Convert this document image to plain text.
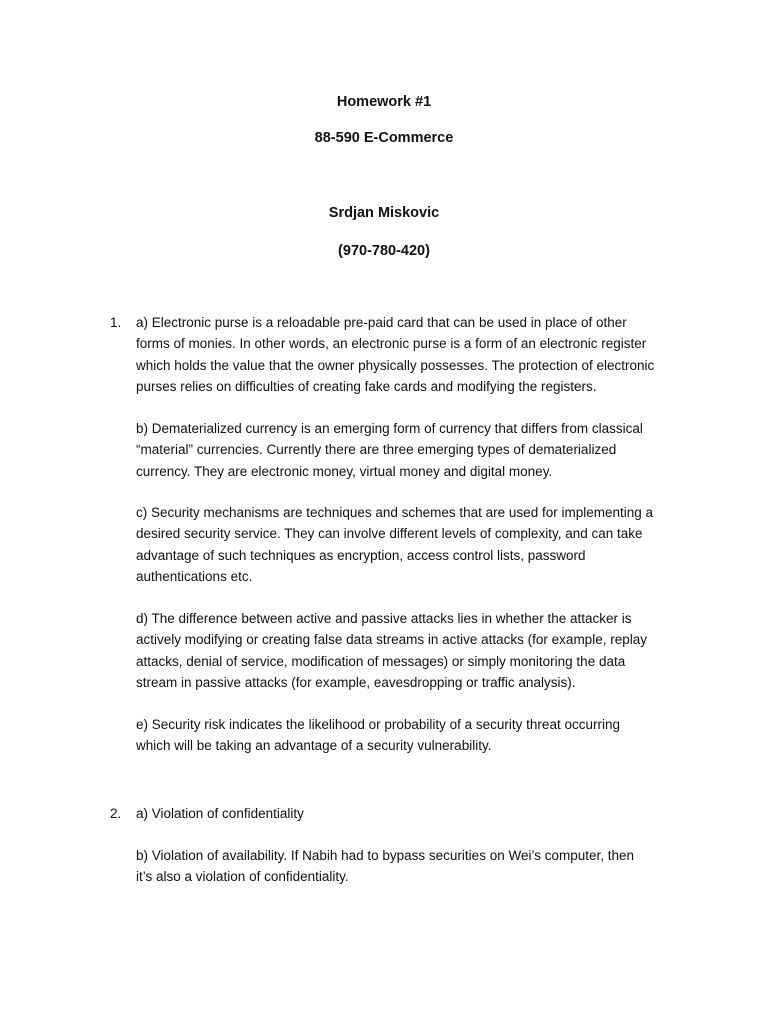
Homework #1
88-590 E-Commerce
Srdjan Miskovic
(970-780-420)
1. a) Electronic purse is a reloadable pre-paid card that can be used in place of other
forms of monies. In other words, an electronic purse is a form of an electronic register
which holds the value that the owner physically possesses. The protection of electronic
purses relies on difficulties of creating fake cards and modifying the registers.
b) Dematerialized currency is an emerging form of currency that differs from classical
“material” currencies. Currently there are three emerging types of dematerialized
currency. They are electronic money, virtual money and digital money.
c) Security mechanisms are techniques and schemes that are used for implementing a
desired security service. They can involve different levels of complexity, and can take
advantage of such techniques as encryption, access control lists, password
authentications etc.
d) The difference between active and passive attacks lies in whether the attacker is
actively modifying or creating false data streams in active attacks (for example, replay
attacks, denial of service, modification of messages) or simply monitoring the data
stream in passive attacks (for example, eavesdropping or traffic analysis).
e) Security risk indicates the likelihood or probability of a security threat occurring
which will be taking an advantage of a security vulnerability.
2. a) Violation of confidentiality
b) Violation of availability. If Nabih had to bypass securities on Wei’s computer, then
it’s also a violation of confidentiality.
